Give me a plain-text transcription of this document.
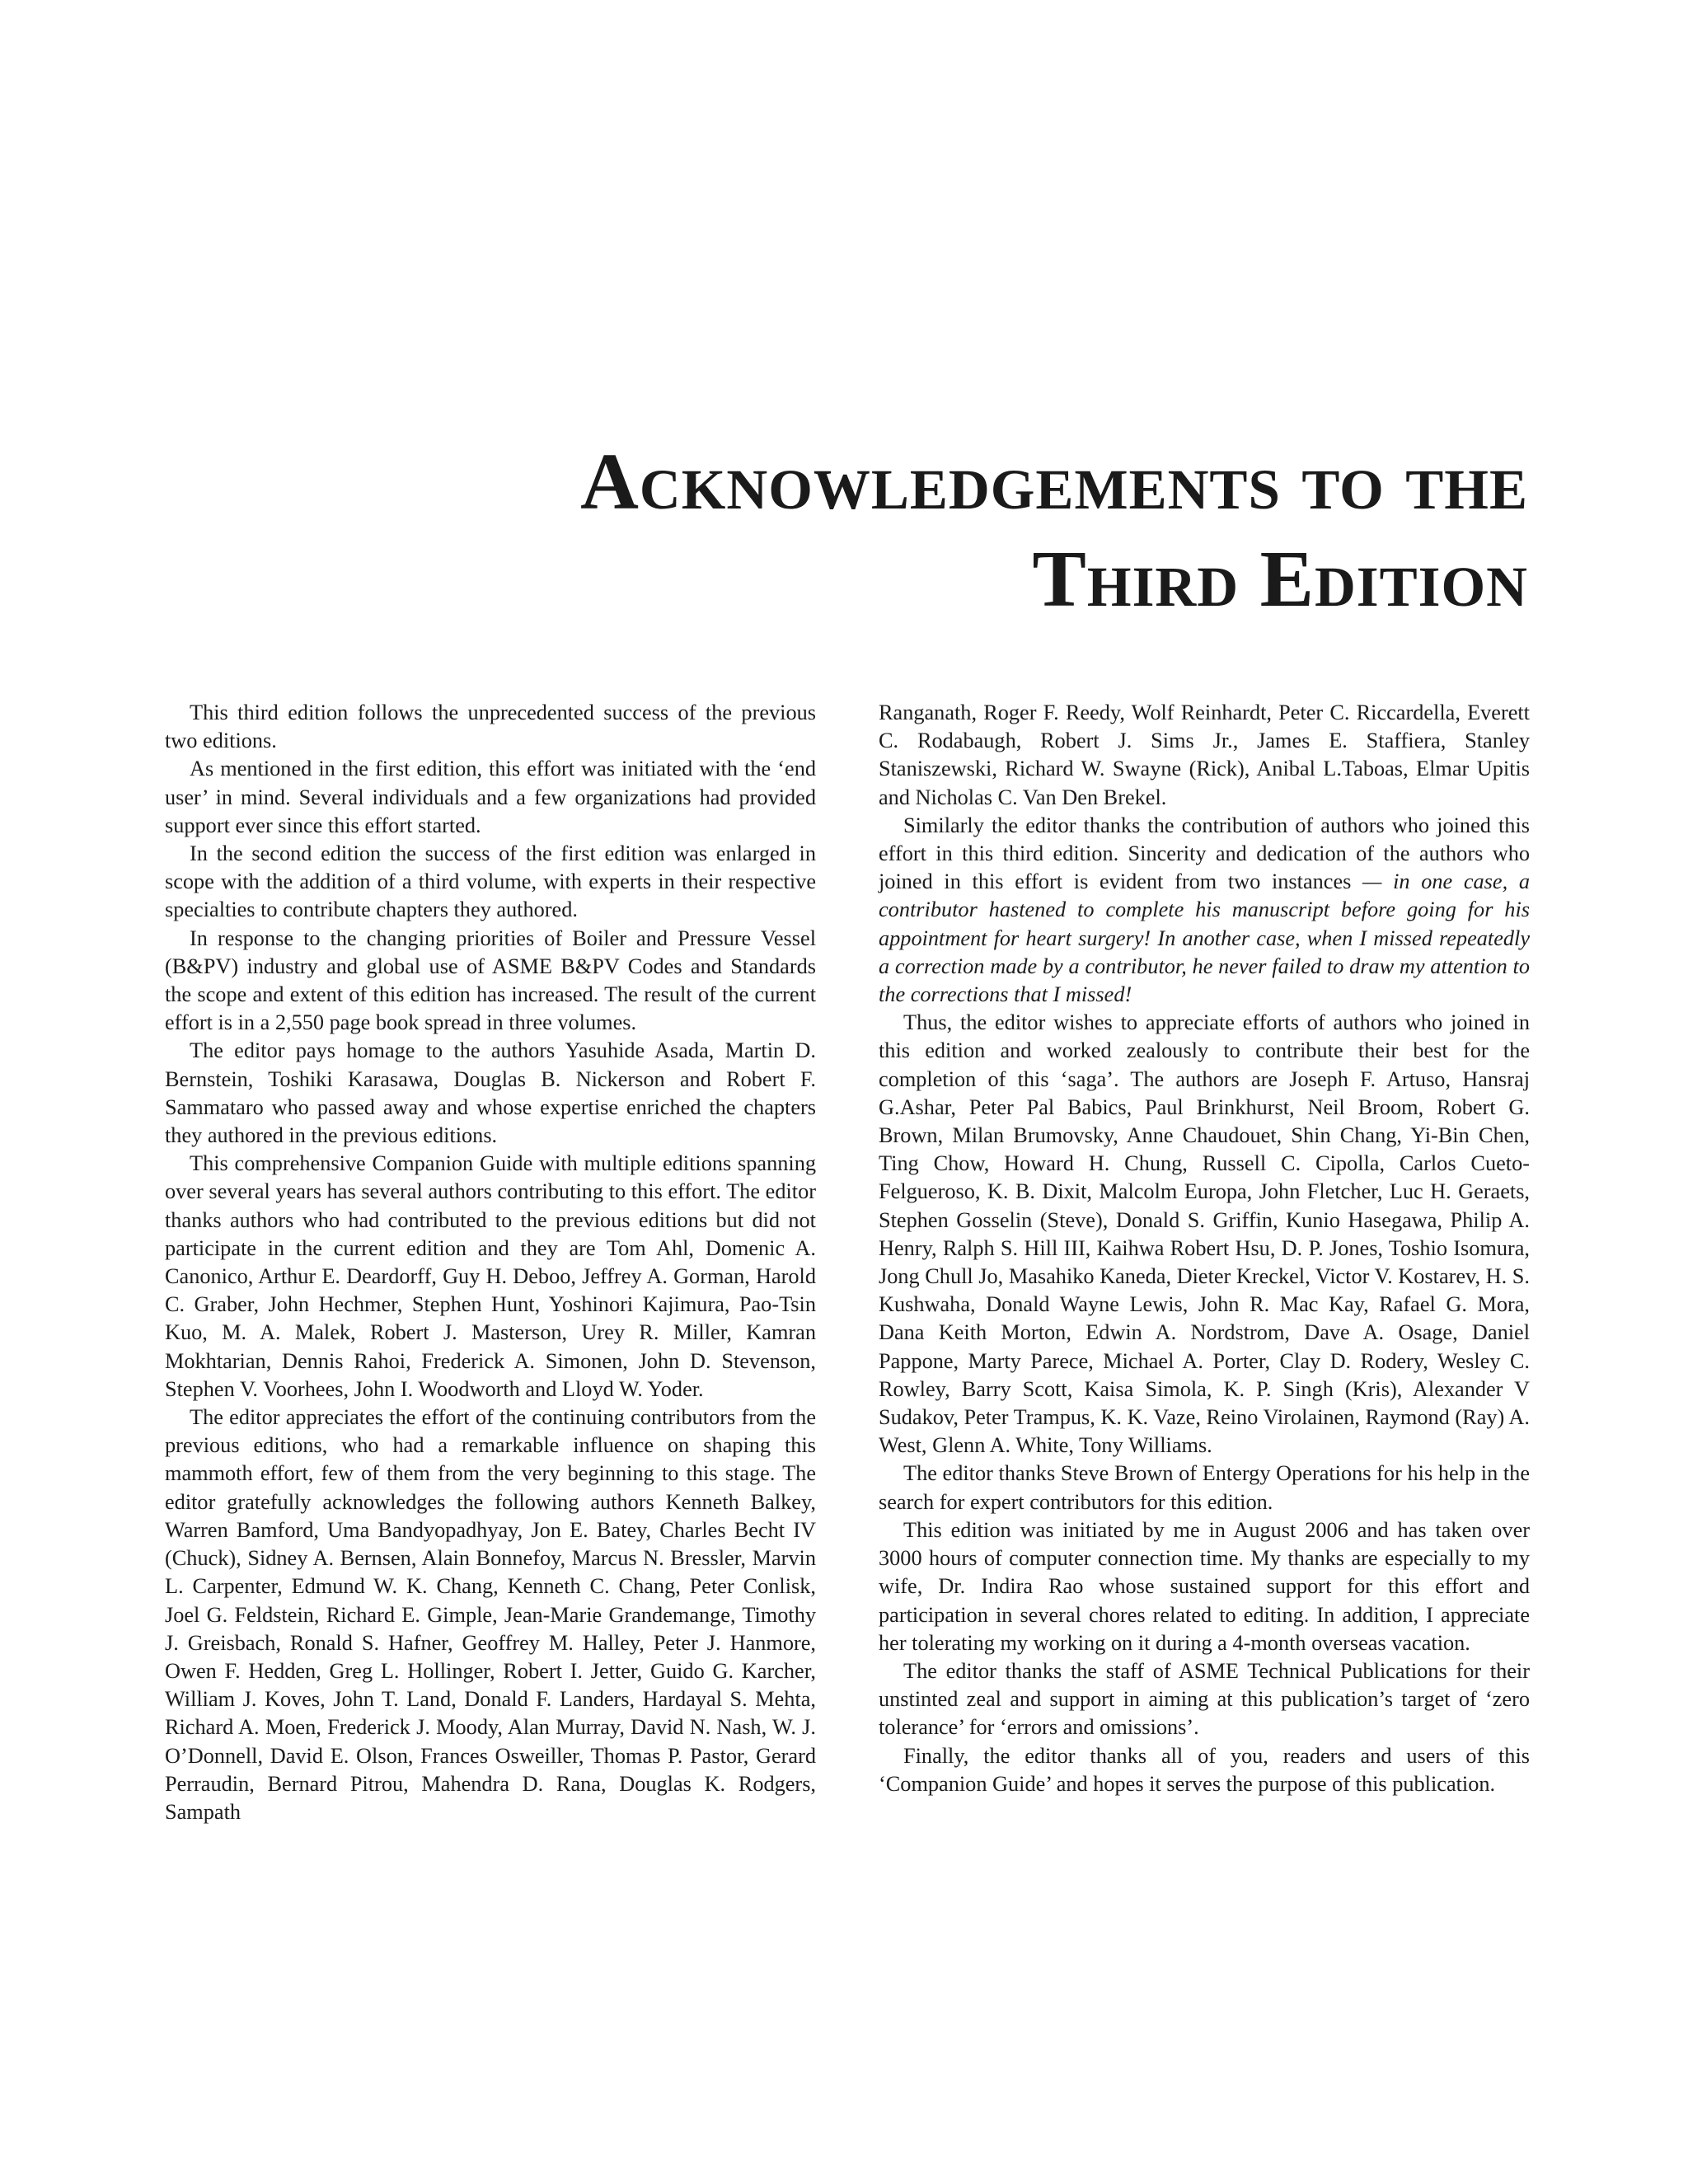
Acknowledgements to the
Third Edition

This third edition follows the unprecedented success of the previous two editions.

As mentioned in the first edition, this effort was initiated with the ‘end user’ in mind. Several individuals and a few organizations had provided support ever since this effort started.

In the second edition the success of the first edition was enlarged in scope with the addition of a third volume, with experts in their respective specialties to contribute chapters they authored.

In response to the changing priorities of Boiler and Pressure Vessel (B&PV) industry and global use of ASME B&PV Codes and Standards the scope and extent of this edition has increased. The result of the current effort is in a 2,550 page book spread in three volumes.

The editor pays homage to the authors Yasuhide Asada, Martin D. Bernstein, Toshiki Karasawa, Douglas B. Nickerson and Robert F. Sammataro who passed away and whose expertise enriched the chapters they authored in the previous editions.

This comprehensive Companion Guide with multiple editions spanning over several years has several authors contributing to this effort. The editor thanks authors who had contributed to the previous editions but did not participate in the current edition and they are Tom Ahl, Domenic A. Canonico, Arthur E. Deardorff, Guy H. Deboo, Jeffrey A. Gorman, Harold C. Graber, John Hechmer, Stephen Hunt, Yoshinori Kajimura, Pao-Tsin Kuo, M. A. Malek, Robert J. Masterson, Urey R. Miller, Kamran Mokhtarian, Dennis Rahoi, Frederick A. Simonen, John D. Stevenson, Stephen V. Voorhees, John I. Woodworth and Lloyd W. Yoder.

The editor appreciates the effort of the continuing contributors from the previous editions, who had a remarkable influence on shaping this mammoth effort, few of them from the very beginning to this stage. The editor gratefully acknowledges the following authors Kenneth Balkey, Warren Bamford, Uma Bandyopadhyay, Jon E. Batey, Charles Becht IV (Chuck), Sidney A. Bernsen, Alain Bonnefoy, Marcus N. Bressler, Marvin L. Carpenter, Edmund W. K. Chang, Kenneth C. Chang, Peter Conlisk, Joel G. Feldstein, Richard E. Gimple, Jean-Marie Grandemange, Timothy J. Greisbach, Ronald S. Hafner, Geoffrey M. Halley, Peter J. Hanmore, Owen F. Hedden, Greg L. Hollinger, Robert I. Jetter, Guido G. Karcher, William J. Koves, John T. Land, Donald F. Landers, Hardayal S. Mehta, Richard A. Moen, Frederick J. Moody, Alan Murray, David N. Nash, W. J. O’Donnell, David E. Olson, Frances Osweiller, Thomas P. Pastor, Gerard Perraudin, Bernard Pitrou, Mahendra D. Rana, Douglas K. Rodgers, Sampath

Ranganath, Roger F. Reedy, Wolf Reinhardt, Peter C. Riccardella, Everett C. Rodabaugh, Robert J. Sims Jr., James E. Staffiera, Stanley Staniszewski, Richard W. Swayne (Rick), Anibal L.Taboas, Elmar Upitis and Nicholas C. Van Den Brekel.

Similarly the editor thanks the contribution of authors who joined this effort in this third edition. Sincerity and dedication of the authors who joined in this effort is evident from two instances — in one case, a contributor hastened to complete his manuscript before going for his appointment for heart surgery! In another case, when I missed repeatedly a correction made by a contributor, he never failed to draw my attention to the corrections that I missed!

Thus, the editor wishes to appreciate efforts of authors who joined in this edition and worked zealously to contribute their best for the completion of this ‘saga’. The authors are Joseph F. Artuso, Hansraj G.Ashar, Peter Pal Babics, Paul Brinkhurst, Neil Broom, Robert G. Brown, Milan Brumovsky, Anne Chaudouet, Shin Chang, Yi-Bin Chen, Ting Chow, Howard H. Chung, Russell C. Cipolla, Carlos Cueto-Felgueroso, K. B. Dixit, Malcolm Europa, John Fletcher, Luc H. Geraets, Stephen Gosselin (Steve), Donald S. Griffin, Kunio Hasegawa, Philip A. Henry, Ralph S. Hill III, Kaihwa Robert Hsu, D. P. Jones, Toshio Isomura, Jong Chull Jo, Masahiko Kaneda, Dieter Kreckel, Victor V. Kostarev, H. S. Kushwaha, Donald Wayne Lewis, John R. Mac Kay, Rafael G. Mora, Dana Keith Morton, Edwin A. Nordstrom, Dave A. Osage, Daniel Pappone, Marty Parece, Michael A. Porter, Clay D. Rodery, Wesley C. Rowley, Barry Scott, Kaisa Simola, K. P. Singh (Kris), Alexander V Sudakov, Peter Trampus, K. K. Vaze, Reino Virolainen, Raymond (Ray) A. West, Glenn A. White, Tony Williams.

The editor thanks Steve Brown of Entergy Operations for his help in the search for expert contributors for this edition.

This edition was initiated by me in August 2006 and has taken over 3000 hours of computer connection time. My thanks are especially to my wife, Dr. Indira Rao whose sustained support for this effort and participation in several chores related to editing. In addition, I appreciate her tolerating my working on it during a 4-month overseas vacation.

The editor thanks the staff of ASME Technical Publications for their unstinted zeal and support in aiming at this publication’s target of ‘zero tolerance’ for ‘errors and omissions’.

Finally, the editor thanks all of you, readers and users of this ‘Companion Guide’ and hopes it serves the purpose of this publication.
